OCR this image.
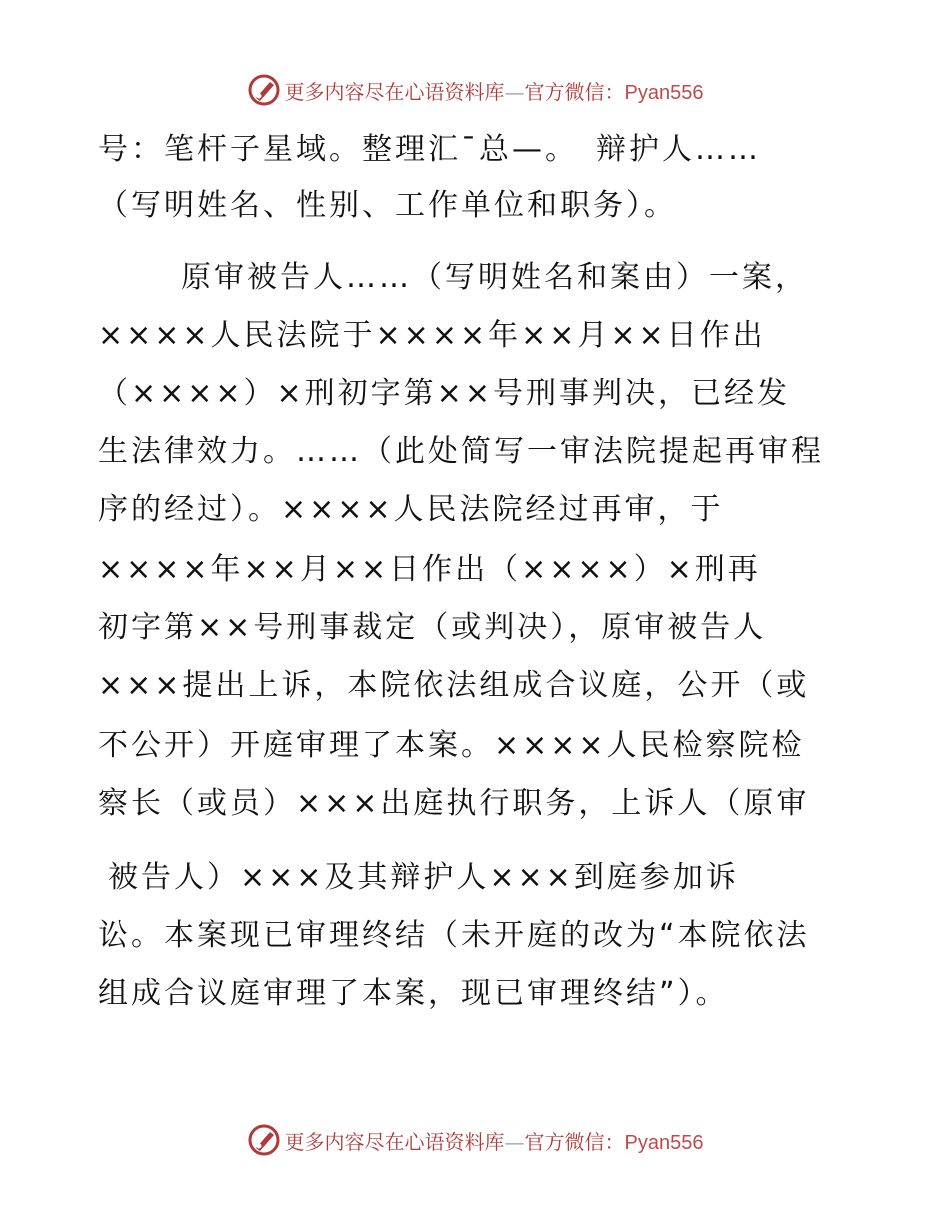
更多内容尽在心语资料库—官方微信：Pyan556
号：笔杆子星域。整理汇¯总—。　辩护人……
（写明姓名、性别、工作单位和职务）。
　原审被告人……（写明姓名和案由）一案，
××××人民法院于××××年××月××日作出
（××××）×刑初字第××号刑事判决，已经发
生法律效力。……（此处简写一审法院提起再审程
序的经过）。××××人民法院经过再审，于
××××年××月××日作出（××××）×刑再
初字第××号刑事裁定（或判决），原审被告人
×××提出上诉，本院依法组成合议庭，公开（或
不公开）开庭审理了本案。××××人民检察院检
察长（或员）×××出庭执行职务，上诉人（原审
被告人）×××及其辩护人×××到庭参加诉
讼。本案现已审理终结（未开庭的改为“本院依法
组成合议庭审理了本案，现已审理终结”）。
更多内容尽在心语资料库—官方微信：Pyan556
